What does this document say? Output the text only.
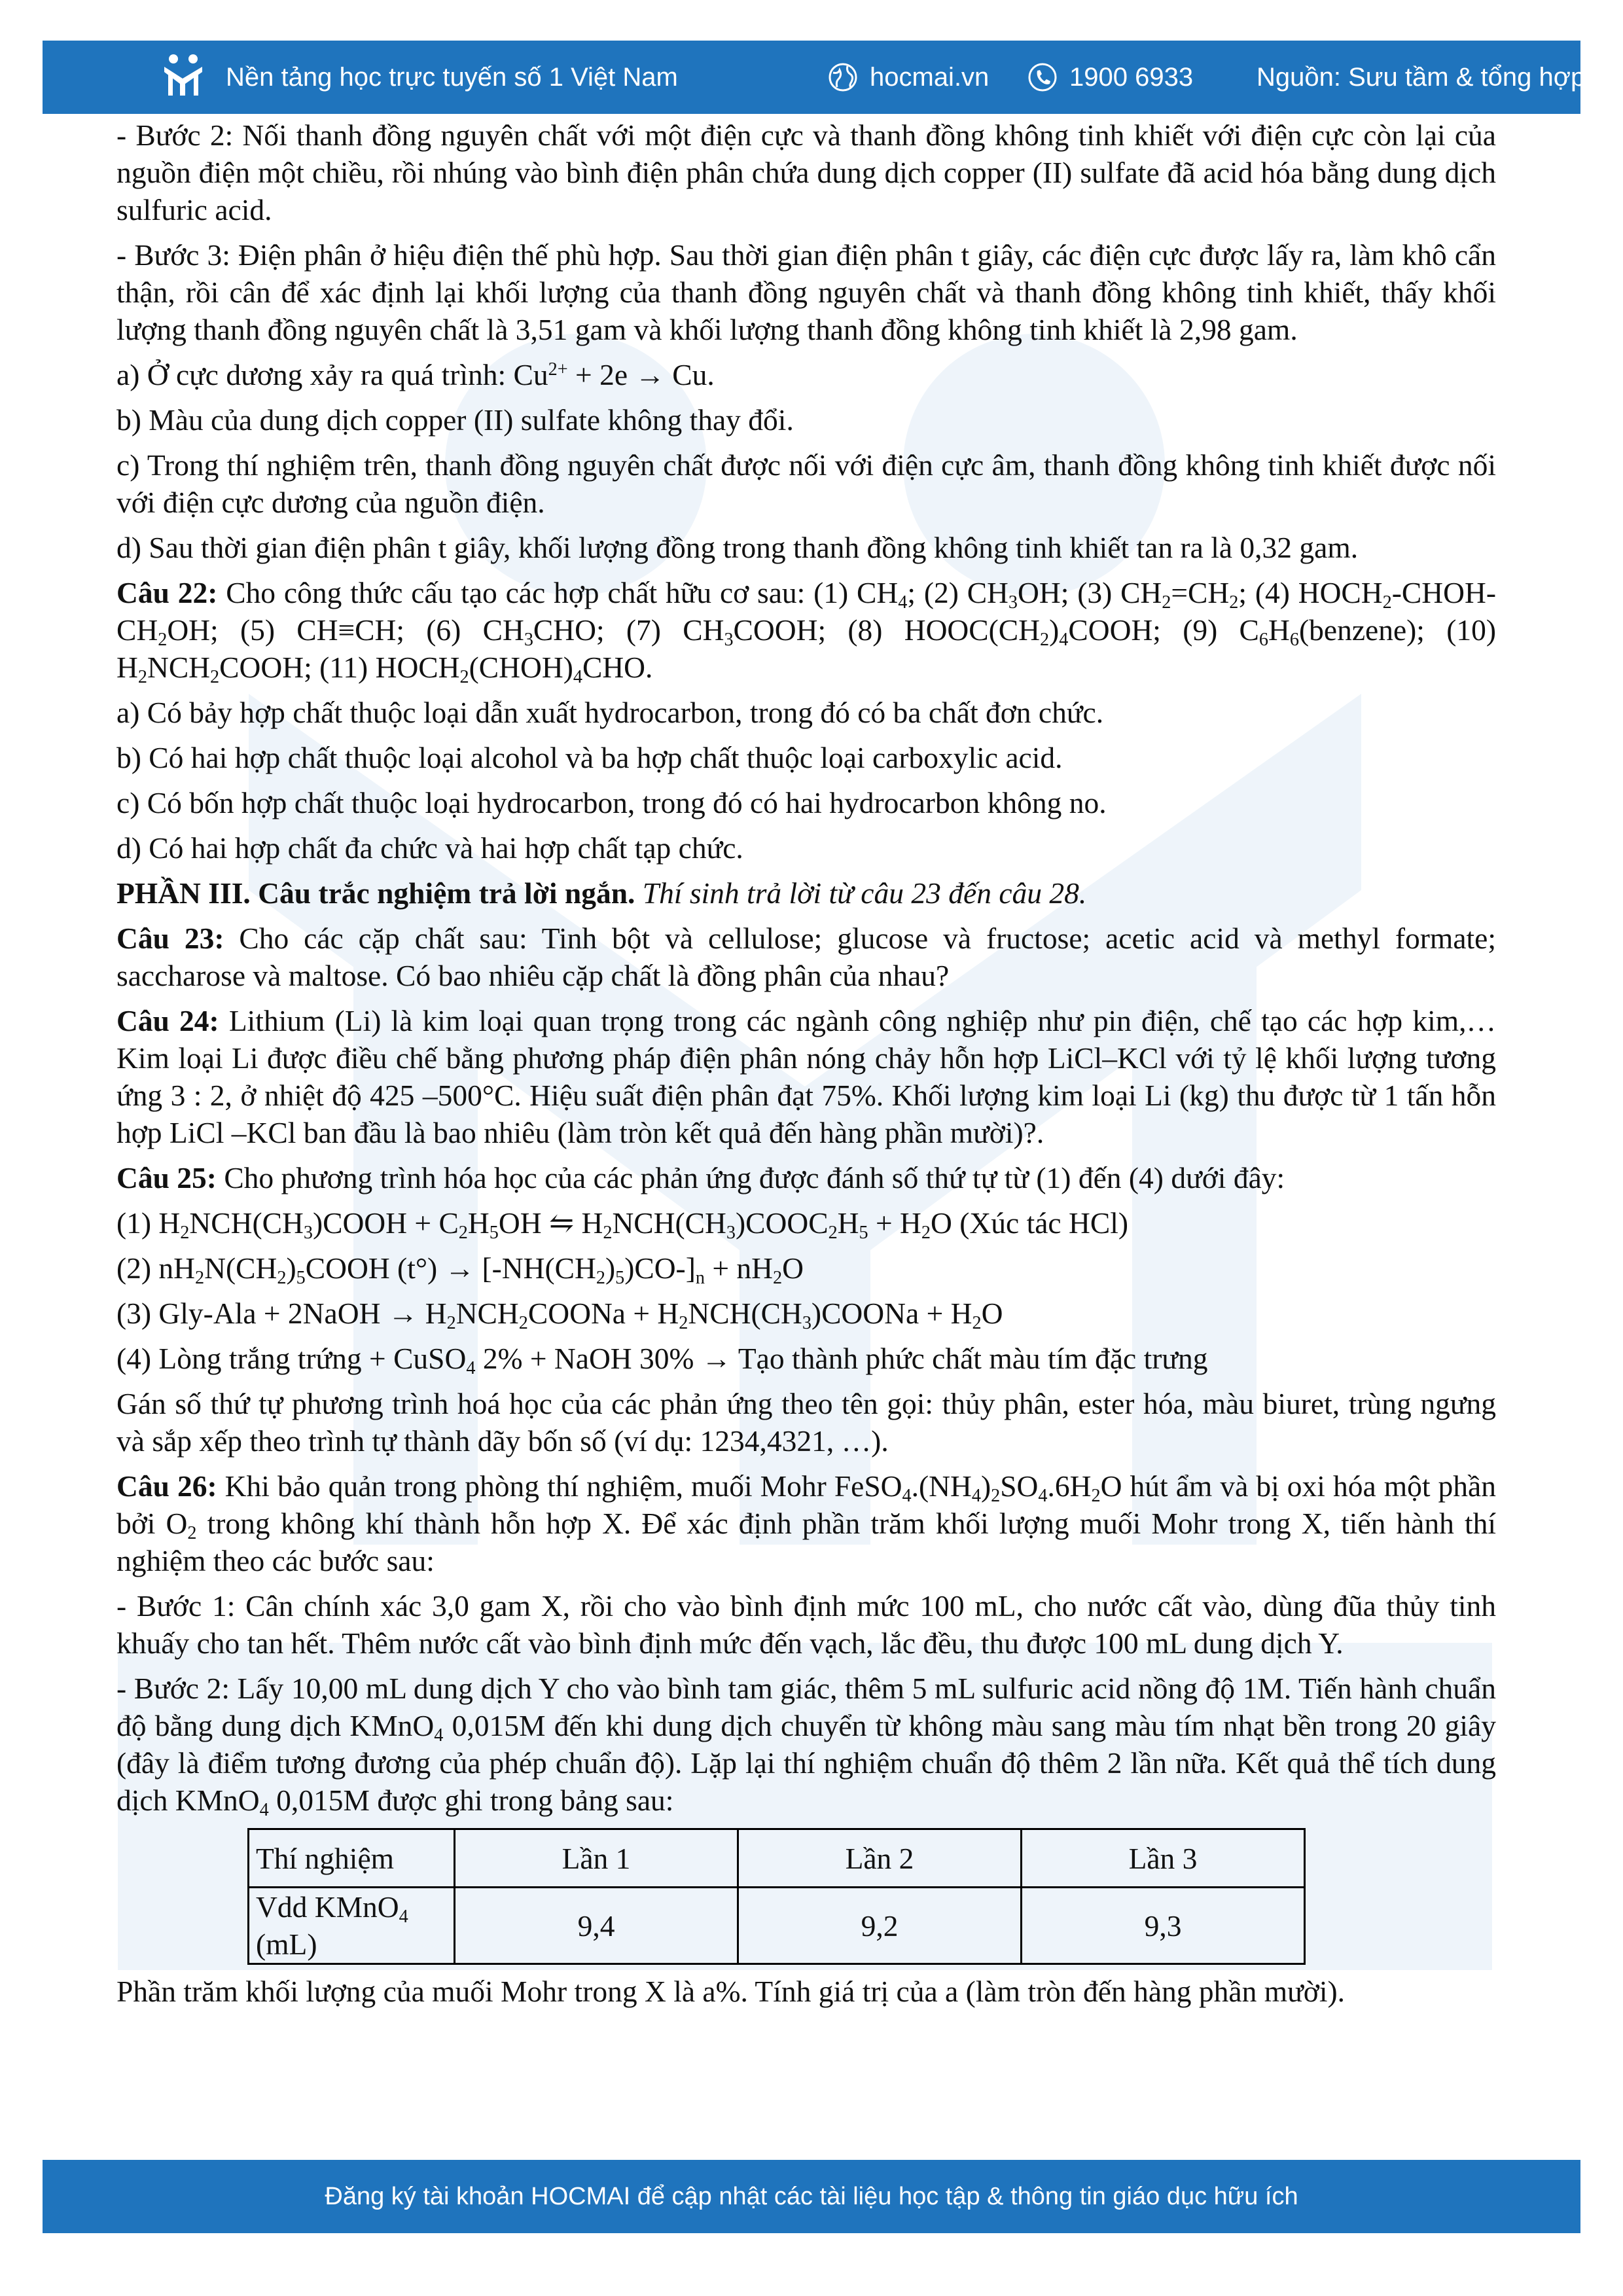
Nền tảng học trực tuyến số 1 Việt Nam	hocmai.vn	1900 6933 Nguồn: Sưu tầm & tổng hợp

- Bước 2: Nối thanh đồng nguyên chất với một điện cực và thanh đồng không tinh khiết với điện cực còn lại của nguồn điện một chiều, rồi nhúng vào bình điện phân chứa dung dịch copper (II) sulfate đã acid hóa bằng dung dịch sulfuric acid.

- Bước 3: Điện phân ở hiệu điện thế phù hợp. Sau thời gian điện phân t giây, các điện cực được lấy ra, làm khô cẩn thận, rồi cân để xác định lại khối lượng của thanh đồng nguyên chất và thanh đồng không tinh khiết, thấy khối lượng thanh đồng nguyên chất là 3,51 gam và khối lượng thanh đồng không tinh khiết là 2,98 gam.

a) Ở cực dương xảy ra quá trình: $Cu^{2+} + 2e \to Cu$.

b) Màu của dung dịch copper (II) sulfate không thay đổi.

c) Trong thí nghiệm trên, thanh đồng nguyên chất được nối với điện cực âm, thanh đồng không tinh khiết được nối với điện cực dương của nguồn điện.

d) Sau thời gian điện phân t giây, khối lượng đồng trong thanh đồng không tinh khiết tan ra là 0,32 gam.

Câu 22: Cho công thức cấu tạo các hợp chất hữu cơ sau: (1) $CH_4$; (2) $CH_3OH$; (3) $CH_2=CH_2$; (4) $HOCH_2-CHOH-CH_2OH$; (5) CH≡CH; (6) $CH_3CHO$; (7) $CH_3COOH$; (8) $HOOC(CH_2)_4COOH$; (9) $C_6H_6(benzene)$; (10) $H_2NCH_2COOH$; (11) $HOCH_2(CHOH)_4CHO$.

a) Có bảy hợp chất thuộc loại dẫn xuất hydrocarbon, trong đó có ba chất đơn chức.

b) Có hai hợp chất thuộc loại alcohol và ba hợp chất thuộc loại carboxylic acid.

c) Có bốn hợp chất thuộc loại hydrocarbon, trong đó có hai hydrocarbon không no.

d) Có hai hợp chất đa chức và hai hợp chất tạp chức.

PHẦN III. Câu trắc nghiệm trả lời ngắn. Thí sinh trả lời từ câu 23 đến câu 28.

Câu 23: Cho các cặp chất sau: Tinh bột và cellulose; glucose và fructose; acetic acid và methyl formate; saccharose và maltose. Có bao nhiêu cặp chất là đồng phân của nhau?

Câu 24: Lithium (Li) là kim loại quan trọng trong các ngành công nghiệp như pin điện, chế tạo các hợp kim,…Kim loại Li được điều chế bằng phương pháp điện phân nóng chảy hỗn hợp LiCl–KCl với tỷ lệ khối lượng tương ứng 3 : 2, ở nhiệt độ 425 –500°C. Hiệu suất điện phân đạt 75%. Khối lượng kim loại Li (kg) thu được từ 1 tấn hỗn hợp LiCl –KCl ban đầu là bao nhiêu (làm tròn kết quả đến hàng phần mười)?.

Câu 25: Cho phương trình hóa học của các phản ứng được đánh số thứ tự từ (1) đến (4) dưới đây:

(1) $H_2NCH(CH_3)COOH + C_2H_5OH$ ⇋ $H_2NCH(CH_3)COOC_2H_5 + H_2O$ (Xúc tác HCl)

(2) $nH_2N(CH_2)_5COOH$ $(t^\circ) \to [-NH(CH_2)_5)CO-]_n + nH_2O$

(3) Gly-Ala + 2NaOH → $H_2NCH_2COONa$ + $H_2NCH(CH_3)COONa + H_2O$

(4) Lòng trắng trứng + CuSO$_4$ 2% + NaOH 30% → Tạo thành phức chất màu tím đặc trưng

Gán số thứ tự phương trình hoá học của các phản ứng theo tên gọi: thủy phân, ester hóa, màu biuret, trùng ngưng và sắp xếp theo trình tự thành dãy bốn số (ví dụ: 1234,4321, …).

Câu 26: Khi bảo quản trong phòng thí nghiệm, muối Mohr $FeSO_4.(NH_4)_2SO_4.6H_2O$ hút ẩm và bị oxi hóa một phần bởi $O_2$ trong không khí thành hỗn hợp X. Để xác định phần trăm khối lượng muối Mohr trong X, tiến hành thí nghiệm theo các bước sau:

- Bước 1: Cân chính xác 3,0 gam X, rồi cho vào bình định mức 100 mL, cho nước cất vào, dùng đũa thủy tinh khuấy cho tan hết. Thêm nước cất vào bình định mức đến vạch, lắc đều, thu được 100 mL dung dịch Y.

- Bước 2: Lấy 10,00 mL dung dịch Y cho vào bình tam giác, thêm 5 mL sulfuric acid nồng độ 1M. Tiến hành chuẩn độ bằng dung dịch KMnO$_4$ 0,015M đến khi dung dịch chuyển từ không màu sang màu tím nhạt bền trong 20 giây (đây là điểm tương đương của phép chuẩn độ). Lặp lại thí nghiệm chuẩn độ thêm 2 lần nữa. Kết quả thể tích dung dịch KMnO$_4$ 0,015M được ghi trong bảng sau:

Thí nghiệm	Lần 1	Lần 2	Lần 3
Vdd KMnO$_4$ (mL)	9,4	9,2	9,3

Phần trăm khối lượng của muối Mohr trong X là a%. Tính giá trị của a (làm tròn đến hàng phần mười).

Đăng ký tài khoản HOCMAI để cập nhật các tài liệu học tập & thông tin giáo dục hữu ích
